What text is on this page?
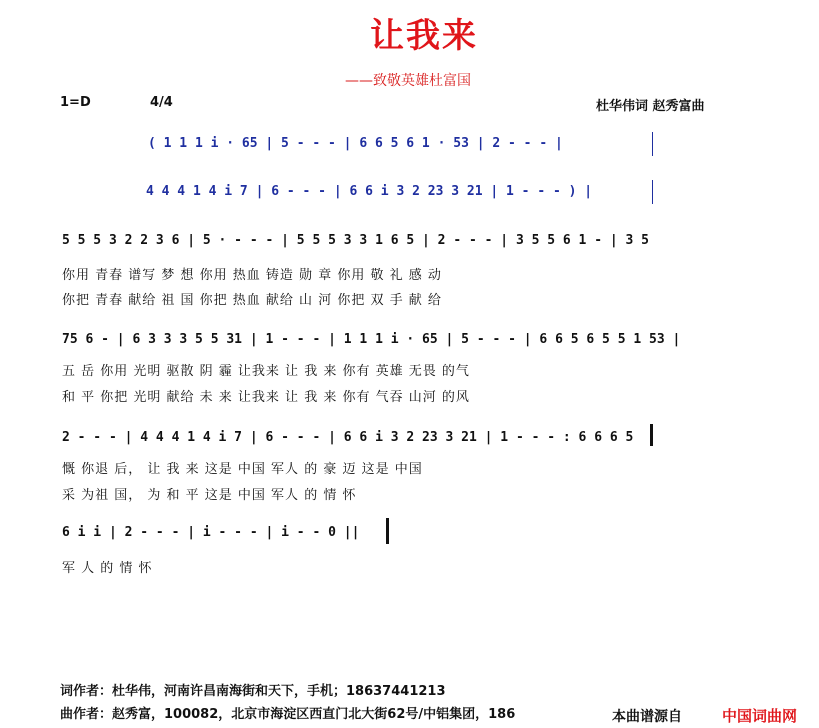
让我来
——致敬英雄杜富国
1=D	4/4	杜华伟词 赵秀富曲
( 1 1 1 i · 65 | 5 - - - | 6 6 5 6 1 · 53 | 2 - - - |
4 4 4 1 4 i 7 | 6 - - - | 6 6 i 3 2 23 3 21 | 1 - - - ) |
5 5 5 3 2 2 3 6 | 5 · - - - | 5 5 5 3 3 1 6 5 | 2 - - - | 3 5 5 6 1 - | 3 5
你用 青春 谱写 梦 想 你用 热血 铸造 勋 章 你用 敬 礼 感 动
你把 青春 献给 祖 国 你把 热血 献给 山 河 你把 双 手 献 给
75 6 - | 6 3 3 3 5 5 31 | 1 - - - | 1 1 1 i · 65 | 5 - - - | 6 6 5 6 5 5 1 53 |
五 岳 你用 光明 驱散 阴 霾 让我来 让 我 来 你有 英雄 无畏 的气
和 平 你把 光明 献给 未 来 让我来 让 我 来 你有 气吞 山河 的风
2 - - - | 4 4 4 1 4 i 7 | 6 - - - | 6 6 i 3 2 23 3 21 | 1 - - - : 6 6 6 5
慨 你退 后， 让 我 来 这是 中国 军人 的 豪 迈 这是 中国
采 为祖 国， 为 和 平 这是 中国 军人 的 情 怀
6 i i | 2 - - - | i - - - | i - - 0 ||
军 人 的 情 怀
词作者：杜华伟，河南许昌南海街和天下，手机；18637441213
曲作者：赵秀富，100082，北京市海淀区西直门北大街62号/中铝集团，186	本曲谱源自	中国词曲网
